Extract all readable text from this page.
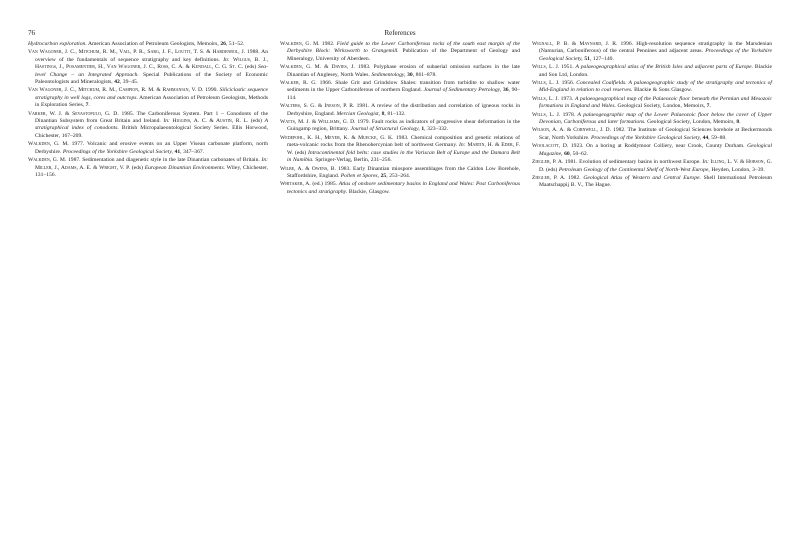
76	References

Hydrocarbon exploration. American Association of Petroleum Geologists, Memoirs, 26, 51–52.

Van Wagoner, J. C., Mitchum, R. M., Vail, P. R., Sarg, J. F., Loutit, T. S. & Hardenbol, J. 1988. An overview of the fundamentals of sequence stratigraphy and key definitions. In: Wilgus, B. J., Hastings, J., Posamentier, H., Van Wagoner, J. C., Ross, C. A. & Kendall, C. G. St. C. (eds) Sea-level Change – an Integrated Approach. Special Publications of the Society of Economic Paleontologists and Mineralogists, 42, 39–45.

Van Wagoner, J. C., Mitchum, R. M., Campion, R. M. & Rahmanian, V. D. 1990. Siliciclastic sequence stratigraphy in well logs, cores and outcrops. American Association of Petroleum Geologists, Methods in Exploration Series, 7.

Varker, W. J. & Sevastopulo, G. D. 1985. The Carboniferous System. Part 1 – Conodonts of the Dinantian Subsystem from Great Britain and Ireland. In: Higgins, A. C. & Austin, R. L. (eds) A stratigraphical index of conodonts. British Micropalaeontological Society Series. Ellis Horwood, Chichester, 167–209.

Walkden, G. M. 1977. Volcanic and erosive events on an Upper Visean carbonate platform, north Derbyshire. Proceedings of the Yorkshire Geological Society, 41, 347–367.

Walkden, G. M. 1987. Sedimentation and diagenetic style in the late Dinantian carbonates of Britain. In: Miller, J., Adams, A. E. & Wright, V. P. (eds) European Dinantian Environments. Wiley, Chichester, 131–156.

Walkden, G. M. 1982. Field guide to the Lower Carboniferous rocks of the south east margin of the Derbyshire Block: Wirksworth to Grangemill. Publication of the Department of Geology and Mineralogy, University of Aberdeen.

Walkden, G. M. & Davies, J. 1983. Polyphase erosion of subaerial omission surfaces in the late Dinantian of Anglesey, North Wales. Sedimentology, 30, 861–878.

Walker, R. G. 1966. Shale Grit and Grindslow Shales: transition from turbidite to shallow water sediments in the Upper Carboniferous of northern England. Journal of Sedimentary Petrology, 36, 90–114.

Walters, S. G. & Ineson, P. R. 1981. A review of the distribution and correlation of igneous rocks in Derbyshire, England. Mercian Geologist, 8, 81–132.

Watts, M. J. & Williams, G. D. 1979. Fault rocks as indicators of progressive shear deformation in the Guingamp region, Brittany. Journal of Structural Geology, 1, 323–332.

Wedepohl, K. H., Meyer, K. & Muecke, G. K. 1983. Chemical composition and genetic relations of meta-volcanic rocks from the Rhenohercynian belt of northwest Germany. In: Martin, H. & Eder, F. W. (eds) Intracontinental fold belts: case studies in the Variscan Belt of Europe and the Damara Belt in Namibia. Springer-Verlag, Berlin, 231–256.

Wilbe, A. & Owens, B. 1983. Early Dinantian miospore assemblages from the Caldon Low Borehole, Staffordshire, England. Pollen et Spores, 25, 253–264.

Whitaker, A. (ed.) 1985. Atlas of onshore sedimentary basins in England and Wales: Post Carboniferous tectonics and stratigraphy. Blackie, Glasgow.

Wignall, P. B. & Maynard, J. R. 1996. High-resolution sequence stratigraphy in the Marsdenian (Namurian, Carboniferous) of the central Pennines and adjacent areas. Proceedings of the Yorkshire Geological Society, 51, 127–140.

Wills, L. J. 1951. A palaeogeographical atlas of the British Isles and adjacent parts of Europe. Blackie and Son Ltd, London.

Wills, L. J. 1956. Concealed Coalfields. A palaeogeographic study of the stratigraphy and tectonics of Mid-England in relation to coal reserves. Blackie & Sons Glasgow.

Wills, L. J. 1973. A palaeogeographical map of the Palaeozoic floor beneath the Permian and Mesozoic formations in England and Wales. Geological Society, London, Memoirs, 7.

Wills, L. J. 1978. A palaeogeographic map of the Lower Palaeozoic floor below the cover of Upper Devonian, Carboniferous and later formations. Geological Society, London, Memoirs, 8.

Wilson, A. A. & Cornwell, J. D. 1982. The Institute of Geological Sciences borehole at Beckermonds Scar, North Yorkshire. Proceedings of the Yorkshire Geological Society, 44, 59–88.

Woolacott, D. 1923. On a boring at Roddymoor Colliery, near Crook, County Durham. Geological Magazine, 60, 50–62.

Ziegler, P. A. 1981. Evolution of sedimentary basins in northwest Europe. In: Illing, L. V. & Hobson, G. D. (eds) Petroleum Geology of the Continental Shelf of North-West Europe, Heyden, London, 3–39.

Ziegler, P. A. 1982. Geological Atlas of Western and Central Europe. Shell International Petroleum Maatschappij B. V., The Hague.
